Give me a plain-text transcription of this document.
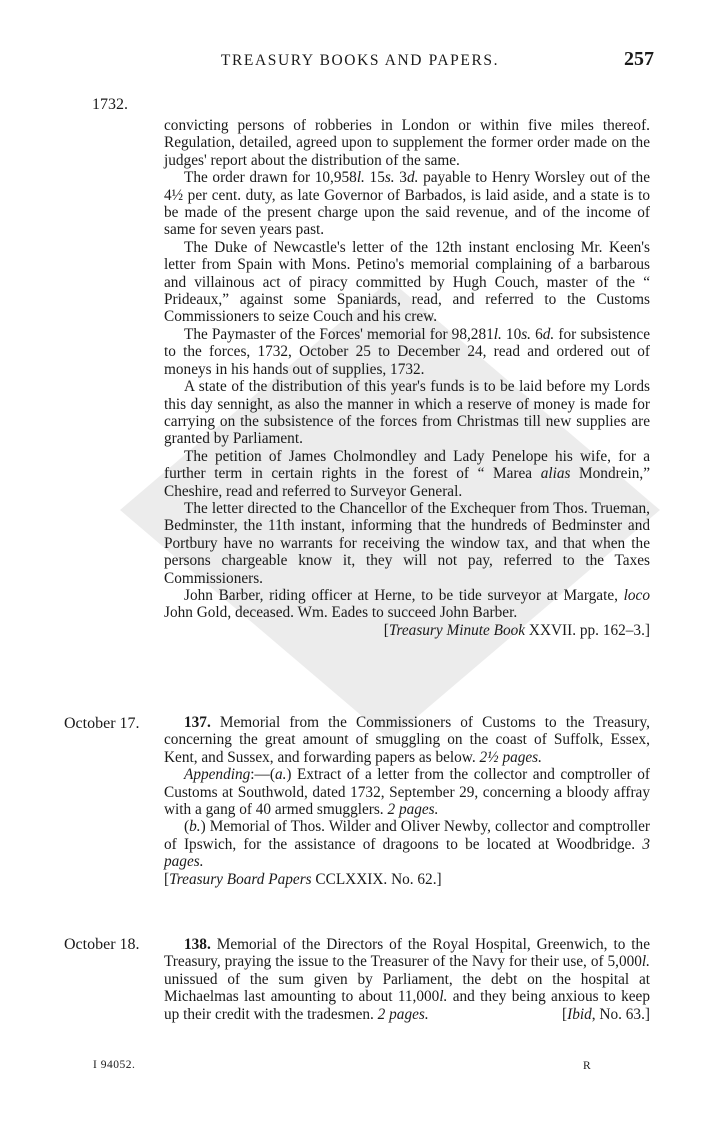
TREASURY BOOKS AND PAPERS.	257
1732.

convicting persons of robberies in London or within five miles thereof. Regulation, detailed, agreed upon to supplement the former order made on the judges' report about the distribution of the same.

The order drawn for 10,958l. 15s. 3d. payable to Henry Worsley out of the 4½ per cent. duty, as late Governor of Barbados, is laid aside, and a state is to be made of the present charge upon the said revenue, and of the income of same for seven years past.

The Duke of Newcastle's letter of the 12th instant enclosing Mr. Keen's letter from Spain with Mons. Petino's memorial complaining of a barbarous and villainous act of piracy committed by Hugh Couch, master of the “ Prideaux,” against some Spaniards, read, and referred to the Customs Commissioners to seize Couch and his crew.

The Paymaster of the Forces' memorial for 98,281l. 10s. 6d. for subsistence to the forces, 1732, October 25 to December 24, read and ordered out of moneys in his hands out of supplies, 1732.

A state of the distribution of this year's funds is to be laid before my Lords this day sennight, as also the manner in which a reserve of money is made for carrying on the subsistence of the forces from Christmas till new supplies are granted by Parliament.

The petition of James Cholmondley and Lady Penelope his wife, for a further term in certain rights in the forest of “ Marea alias Mondrein,” Cheshire, read and referred to Surveyor General.

The letter directed to the Chancellor of the Exchequer from Thos. Trueman, Bedminster, the 11th instant, informing that the hundreds of Bedminster and Portbury have no warrants for receiving the window tax, and that when the persons chargeable know it, they will not pay, referred to the Taxes Commissioners.

John Barber, riding officer at Herne, to be tide surveyor at Margate, loco John Gold, deceased. Wm. Eades to succeed John Barber.
[Treasury Minute Book XXVII. pp. 162–3.]

October 17.	137. Memorial from the Commissioners of Customs to the Treasury, concerning the great amount of smuggling on the coast of Suffolk, Essex, Kent, and Sussex, and forwarding papers as below. 2½ pages.

Appending:—(a.) Extract of a letter from the collector and comptroller of Customs at Southwold, dated 1732, September 29, concerning a bloody affray with a gang of 40 armed smugglers. 2 pages.

(b.) Memorial of Thos. Wilder and Oliver Newby, collector and comptroller of Ipswich, for the assistance of dragoons to be located at Woodbridge. 3 pages.

[Treasury Board Papers CCLXXIX. No. 62.]

October 18.	138. Memorial of the Directors of the Royal Hospital, Greenwich, to the Treasury, praying the issue to the Treasurer of the Navy for their use, of 5,000l. unissued of the sum given by Parliament, the debt on the hospital at Michaelmas last amounting to about 11,000l. and they being anxious to keep up their credit with the tradesmen. 2 pages.	[Ibid, No. 63.]

I 94052.	R
